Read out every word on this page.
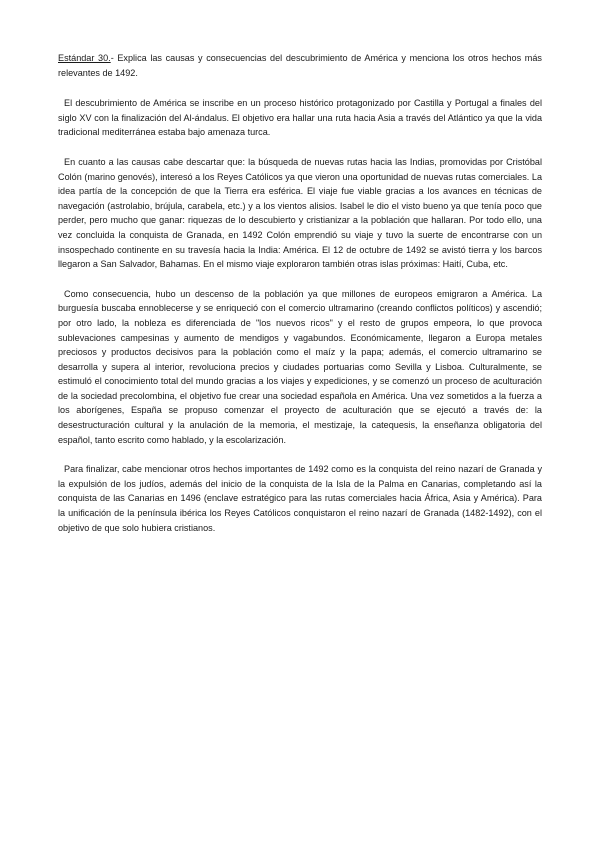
Estándar 30.- Explica las causas y consecuencias del descubrimiento de América y menciona los otros hechos más relevantes de 1492.

El descubrimiento de América se inscribe en un proceso histórico protagonizado por Castilla y Portugal a finales del siglo XV con la finalización del Al-ándalus. El objetivo era hallar una ruta hacia Asia a través del Atlántico ya que la vida tradicional mediterránea estaba bajo amenaza turca.

En cuanto a las causas cabe descartar que: la búsqueda de nuevas rutas hacia las Indias, promovidas por Cristóbal Colón (marino genovés), interesó a los Reyes Católicos ya que vieron una oportunidad de nuevas rutas comerciales. La idea partía de la concepción de que la Tierra era esférica. El viaje fue viable gracias a los avances en técnicas de navegación (astrolabio, brújula, carabela, etc.) y a los vientos alisios. Isabel le dio el visto bueno ya que tenía poco que perder, pero mucho que ganar: riquezas de lo descubierto y cristianizar a la población que hallaran. Por todo ello, una vez concluida la conquista de Granada, en 1492 Colón emprendió su viaje y tuvo la suerte de encontrarse con un insospechado continente en su travesía hacia la India: América. El 12 de octubre de 1492 se avistó tierra y los barcos llegaron a San Salvador, Bahamas. En el mismo viaje exploraron también otras islas próximas: Haití, Cuba, etc.

Como consecuencia, hubo un descenso de la población ya que millones de europeos emigraron a América. La burguesía buscaba ennoblecerse y se enriqueció con el comercio ultramarino (creando conflictos políticos) y ascendió; por otro lado, la nobleza es diferenciada de "los nuevos ricos" y el resto de grupos empeora, lo que provoca sublevaciones campesinas y aumento de mendigos y vagabundos. Económicamente, llegaron a Europa metales preciosos y productos decisivos para la población como el maíz y la papa; además, el comercio ultramarino se desarrolla y supera al interior, revoluciona precios y ciudades portuarias como Sevilla y Lisboa. Culturalmente, se estimuló el conocimiento total del mundo gracias a los viajes y expediciones, y se comenzó un proceso de aculturación de la sociedad precolombina, el objetivo fue crear una sociedad española en América. Una vez sometidos a la fuerza a los aborígenes, España se propuso comenzar el proyecto de aculturación que se ejecutó a través de: la desestructuración cultural y la anulación de la memoria, el mestizaje, la catequesis, la enseñanza obligatoria del español, tanto escrito como hablado, y la escolarización.

Para finalizar, cabe mencionar otros hechos importantes de 1492 como es la conquista del reino nazarí de Granada y la expulsión de los judíos, además del inicio de la conquista de la Isla de la Palma en Canarias, completando así la conquista de las Canarias en 1496 (enclave estratégico para las rutas comerciales hacia África, Asia y América). Para la unificación de la península ibérica los Reyes Católicos conquistaron el reino nazarí de Granada (1482-1492), con el objetivo de que solo hubiera cristianos.
